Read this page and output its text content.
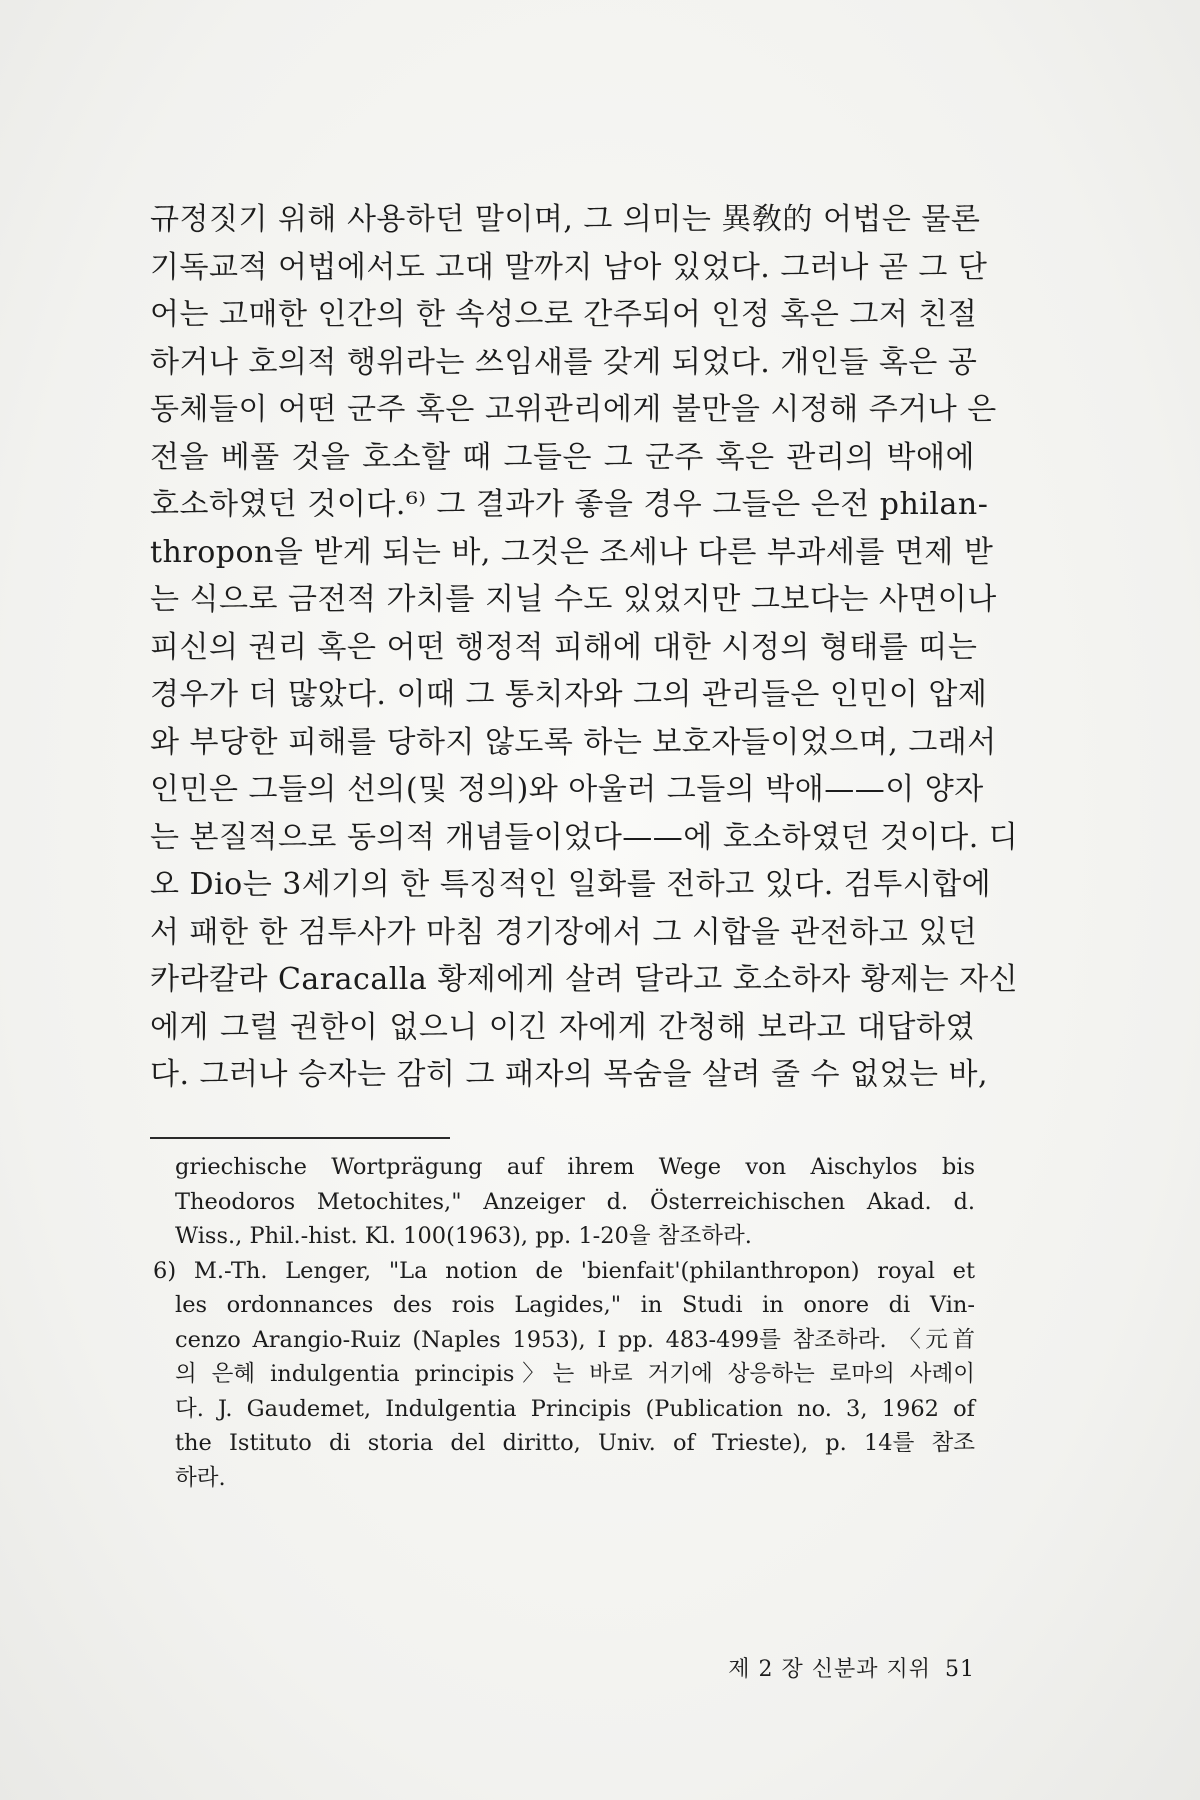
규정짓기 위해 사용하던 말이며, 그 의미는 異敎的 어법은 물론
기독교적 어법에서도 고대 말까지 남아 있었다. 그러나 곧 그 단
어는 고매한 인간의 한 속성으로 간주되어 인정 혹은 그저 친절
하거나 호의적 행위라는 쓰임새를 갖게 되었다. 개인들 혹은 공
동체들이 어떤 군주 혹은 고위관리에게 불만을 시정해 주거나 은
전을 베풀 것을 호소할 때 그들은 그 군주 혹은 관리의 박애에
호소하였던 것이다.⁶⁾ 그 결과가 좋을 경우 그들은 은전 philan-
thropon을 받게 되는 바, 그것은 조세나 다른 부과세를 면제 받
는 식으로 금전적 가치를 지닐 수도 있었지만 그보다는 사면이나
피신의 권리 혹은 어떤 행정적 피해에 대한 시정의 형태를 띠는
경우가 더 많았다. 이때 그 통치자와 그의 관리들은 인민이 압제
와 부당한 피해를 당하지 않도록 하는 보호자들이었으며, 그래서
인민은 그들의 선의(및 정의)와 아울러 그들의 박애——이 양자
는 본질적으로 동의적 개념들이었다——에 호소하였던 것이다. 디
오 Dio는 3세기의 한 특징적인 일화를 전하고 있다. 검투시합에
서 패한 한 검투사가 마침 경기장에서 그 시합을 관전하고 있던
카라칼라 Caracalla 황제에게 살려 달라고 호소하자 황제는 자신
에게 그럴 권한이 없으니 이긴 자에게 간청해 보라고 대답하였
다. 그러나 승자는 감히 그 패자의 목숨을 살려 줄 수 없었는 바,
griechische Wortprägung auf ihrem Wege von Aischylos bis
Theodoros Metochites," Anzeiger d. Österreichischen Akad. d.
Wiss., Phil.-hist. Kl. 100(1963), pp. 1-20을 참조하라.
6) M.-Th. Lenger, "La notion de 'bienfait'(philanthropon) royal et
les ordonnances des rois Lagides," in Studi in onore di Vin-
cenzo Arangio-Ruiz (Naples 1953), I pp. 483-499를 참조하라. 〈元首
의 은혜 indulgentia principis〉는 바로 거기에 상응하는 로마의 사례이
다. J. Gaudemet, Indulgentia Principis (Publication no. 3, 1962 of
the Istituto di storia del diritto, Univ. of Trieste), p. 14를 참조
하라.
제 2 장 신분과 지위 51
